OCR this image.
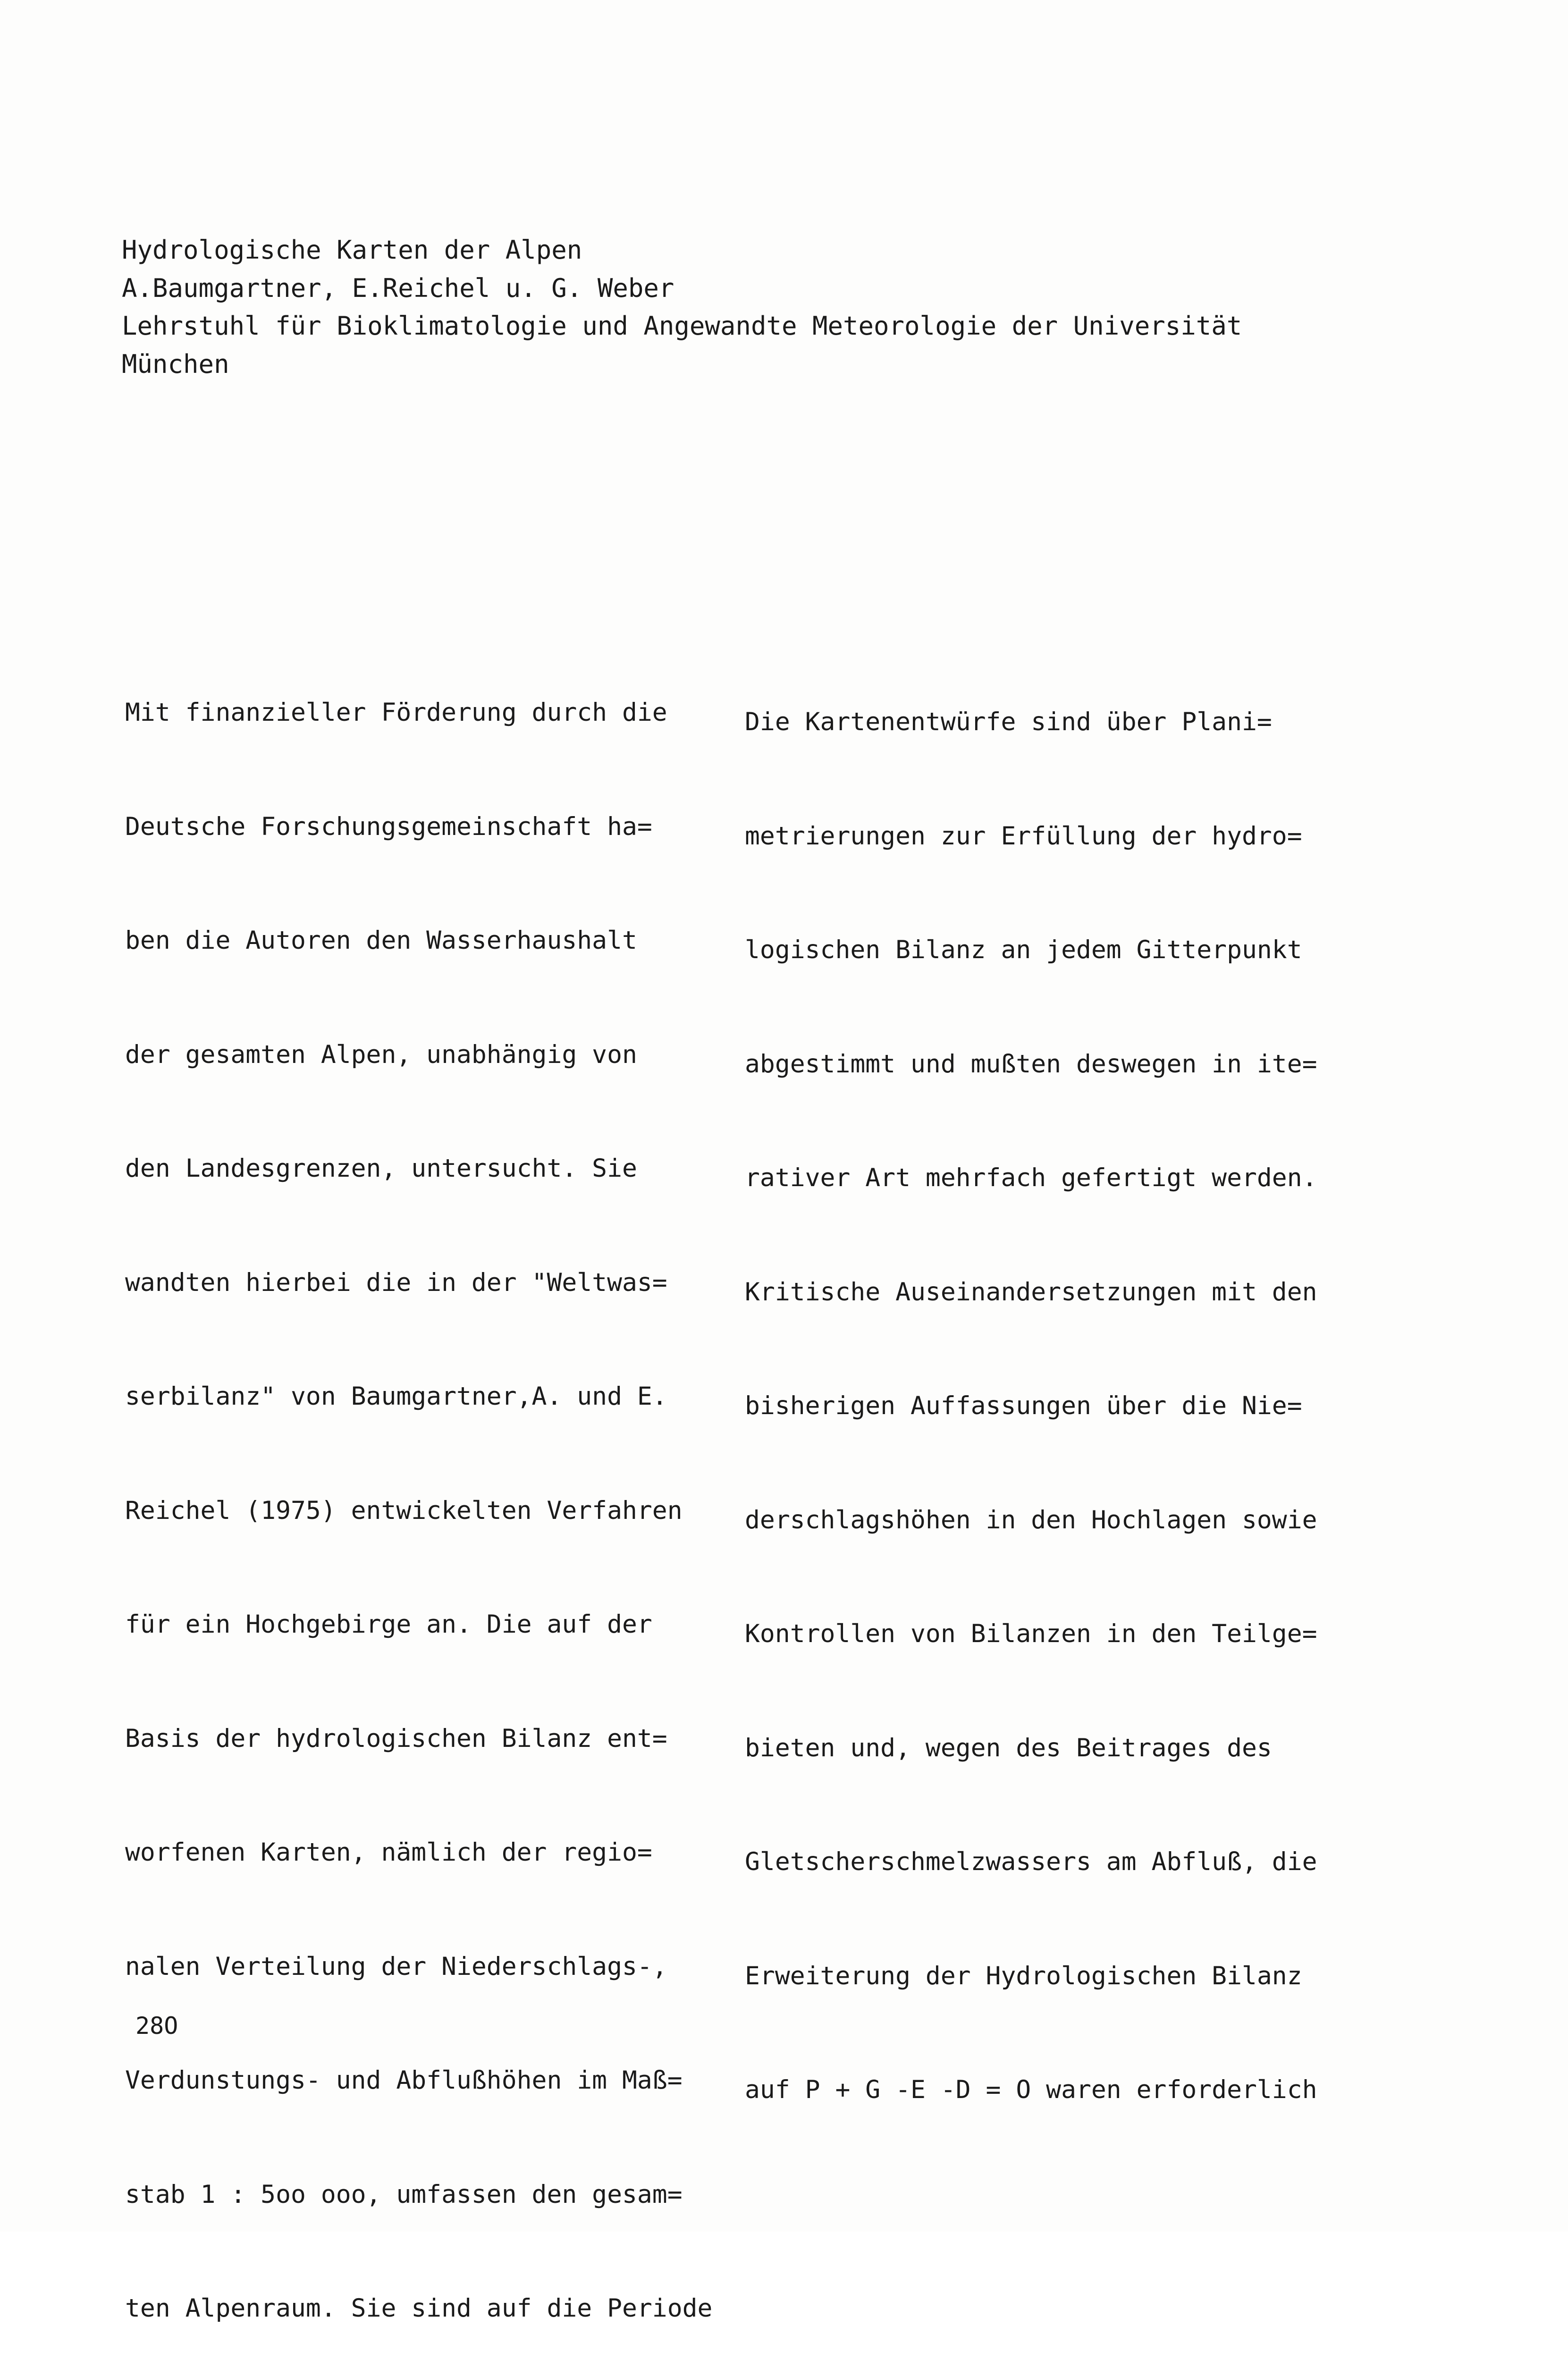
Hydrologische Karten der Alpen
A.Baumgartner, E.Reichel u. G. Weber
Lehrstuhl für Bioklimatologie und Angewandte Meteorologie der Universität
München

Mit finanzieller Förderung durch die

Deutsche Forschungsgemeinschaft ha=

ben die Autoren den Wasserhaushalt

der gesamten Alpen, unabhängig von

den Landesgrenzen, untersucht. Sie

wandten hierbei die in der "Weltwas=

serbilanz" von Baumgartner,A. und E.

Reichel (1975) entwickelten Verfahren

für ein Hochgebirge an. Die auf der

Basis der hydrologischen Bilanz ent=

worfenen Karten, nämlich der regio=

nalen Verteilung der Niederschlags-,

Verdunstungs- und Abflußhöhen im Maß=

stab 1 : 5oo ooo, umfassen den gesam=

ten Alpenraum. Sie sind auf die Periode

Die Kartenentwürfe sind über Plani=

metrierungen zur Erfüllung der hydro=

logischen Bilanz an jedem Gitterpunkt

abgestimmt und mußten deswegen in ite=

rativer Art mehrfach gefertigt werden.

Kritische Auseinandersetzungen mit den

bisherigen Auffassungen über die Nie=

derschlagshöhen in den Hochlagen sowie

Kontrollen von Bilanzen in den Teilge=

bieten und, wegen des Beitrages des

Gletscherschmelzwassers am Abfluß, die

Erweiterung der Hydrologischen Bilanz

auf P + G -E -D = O waren erforderlich

28O
